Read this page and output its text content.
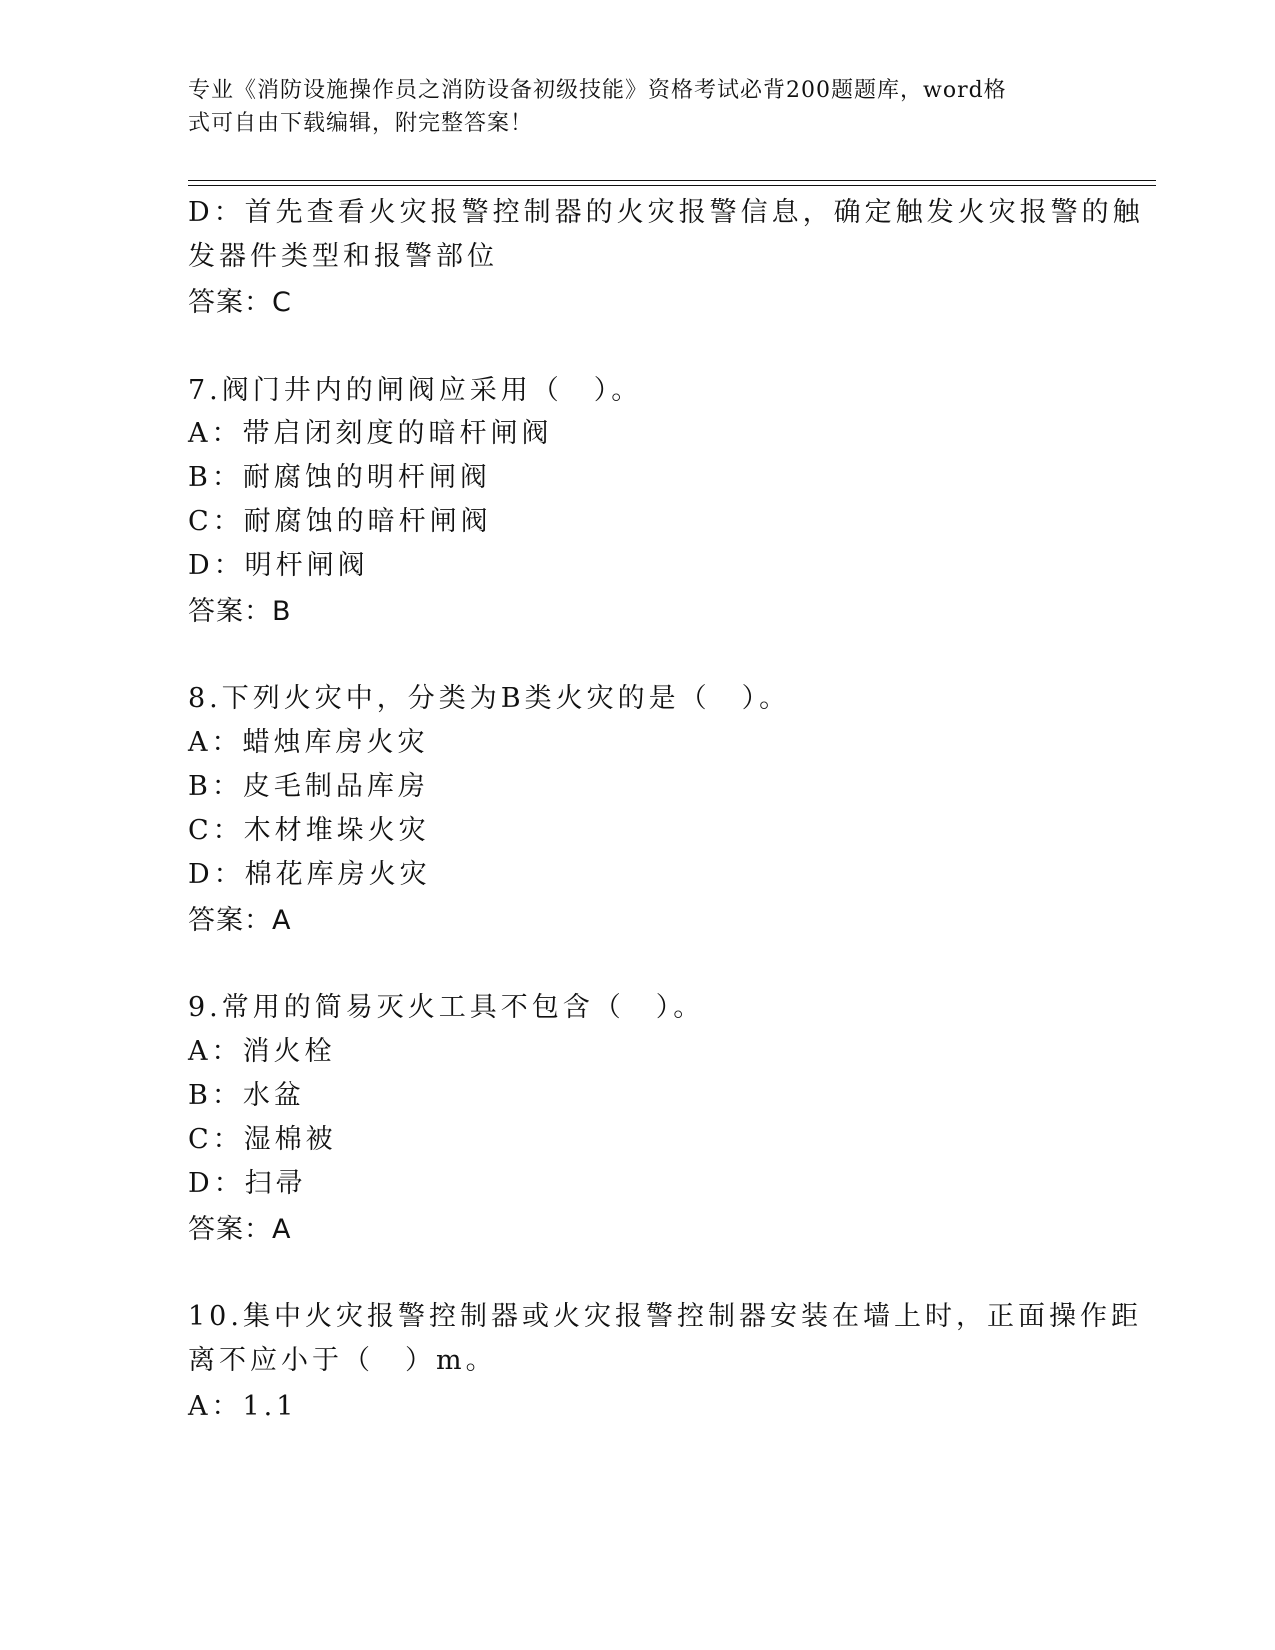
专业《消防设施操作员之消防设备初级技能》资格考试必背200题题库，word格
式可自由下载编辑，附完整答案！
D：首先查看火灾报警控制器的火灾报警信息，确定触发火灾报警的触
发器件类型和报警部位
答案：C
7.阀门井内的闸阀应采用（　）。
A：带启闭刻度的暗杆闸阀
B：耐腐蚀的明杆闸阀
C：耐腐蚀的暗杆闸阀
D：明杆闸阀
答案：B
8.下列火灾中，分类为B类火灾的是（　）。
A：蜡烛库房火灾
B：皮毛制品库房
C：木材堆垛火灾
D：棉花库房火灾
答案：A
9.常用的简易灭火工具不包含（　）。
A：消火栓
B：水盆
C：湿棉被
D：扫帚
答案：A
10.集中火灾报警控制器或火灾报警控制器安装在墙上时，正面操作距
离不应小于（　）m。
A：1.1
